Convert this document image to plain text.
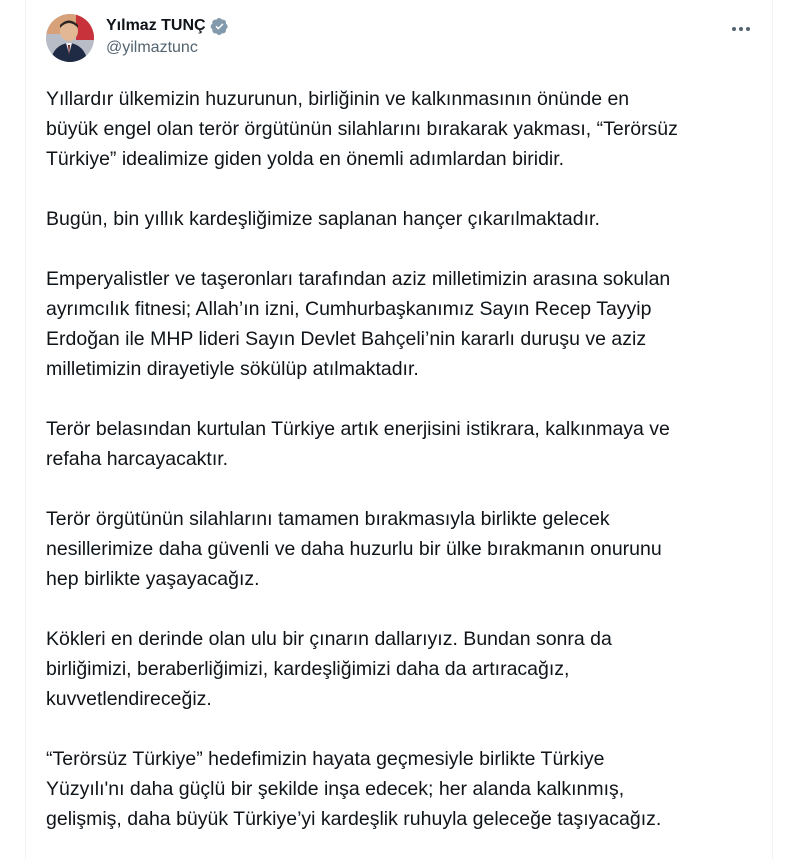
Yılmaz TUNÇ
@yilmaztunc

Yıllardır ülkemizin huzurunun, birliğinin ve kalkınmasının önünde en
büyük engel olan terör örgütünün silahlarını bırakarak yakması, “Terörsüz
Türkiye” idealimize giden yolda en önemli adımlardan biridir.

Bugün, bin yıllık kardeşliğimize saplanan hançer çıkarılmaktadır.

Emperyalistler ve taşeronları tarafından aziz milletimizin arasına sokulan
ayrımcılık fitnesi; Allah’ın izni, Cumhurbaşkanımız Sayın Recep Tayyip
Erdoğan ile MHP lideri Sayın Devlet Bahçeli’nin kararlı duruşu ve aziz
milletimizin dirayetiyle sökülüp atılmaktadır.

Terör belasından kurtulan Türkiye artık enerjisini istikrara, kalkınmaya ve
refaha harcayacaktır.

Terör örgütünün silahlarını tamamen bırakmasıyla birlikte gelecek
nesillerimize daha güvenli ve daha huzurlu bir ülke bırakmanın onurunu
hep birlikte yaşayacağız.

Kökleri en derinde olan ulu bir çınarın dallarıyız. Bundan sonra da
birliğimizi, beraberliğimizi, kardeşliğimizi daha da artıracağız,
kuvvetlendireceğiz.

“Terörsüz Türkiye” hedefimizin hayata geçmesiyle birlikte Türkiye
Yüzyılı'nı daha güçlü bir şekilde inşa edecek; her alanda kalkınmış,
gelişmiş, daha büyük Türkiye’yi kardeşlik ruhuyla geleceğe taşıyacağız.
